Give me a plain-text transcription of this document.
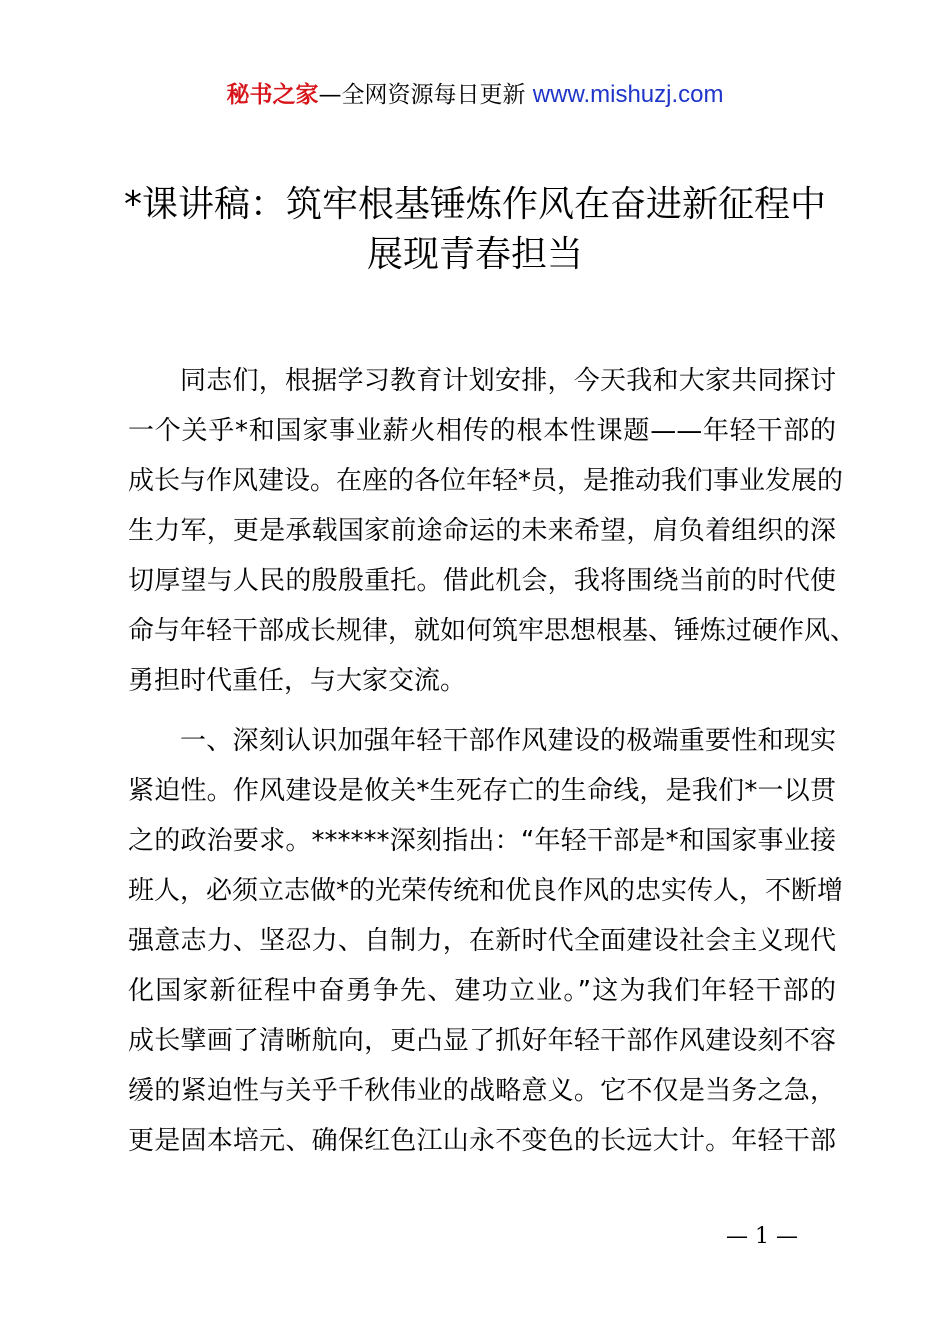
秘书之家—全网资源每日更新 www.mishuzj.com
*课讲稿：筑牢根基锤炼作风在奋进新征程中
展现青春担当

同志们，根据学习教育计划安排，今天我和大家共同探讨
一个关乎*和国家事业薪火相传的根本性课题——年轻干部的
成长与作风建设。在座的各位年轻*员，是推动我们事业发展的
生力军，更是承载国家前途命运的未来希望，肩负着组织的深
切厚望与人民的殷殷重托。借此机会，我将围绕当前的时代使
命与年轻干部成长规律，就如何筑牢思想根基、锤炼过硬作风、
勇担时代重任，与大家交流。

一、深刻认识加强年轻干部作风建设的极端重要性和现实
紧迫性。作风建设是攸关*生死存亡的生命线，是我们*一以贯
之的政治要求。******深刻指出：“年轻干部是*和国家事业接
班人，必须立志做*的光荣传统和优良作风的忠实传人，不断增
强意志力、坚忍力、自制力，在新时代全面建设社会主义现代
化国家新征程中奋勇争先、建功立业。”这为我们年轻干部的
成长擘画了清晰航向，更凸显了抓好年轻干部作风建设刻不容
缓的紧迫性与关乎千秋伟业的战略意义。它不仅是当务之急，
更是固本培元、确保红色江山永不变色的长远大计。年轻干部

— 1 —
